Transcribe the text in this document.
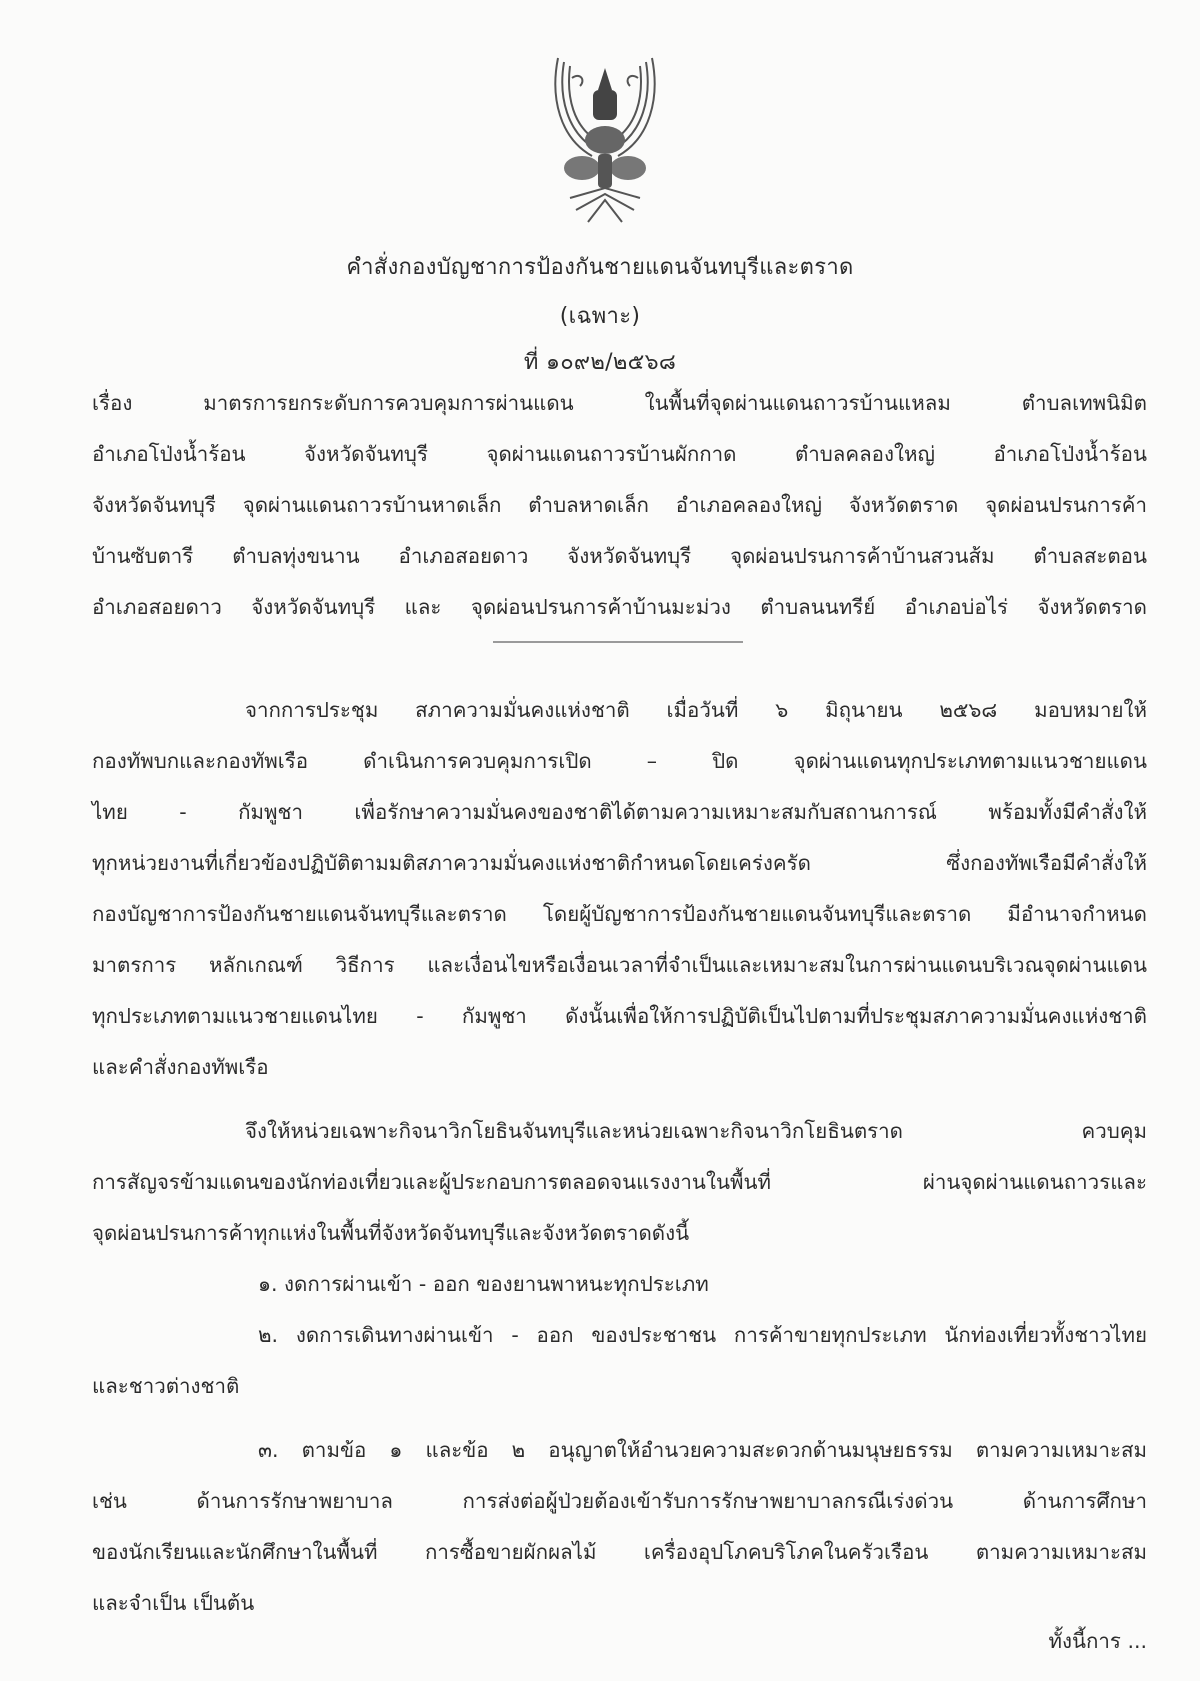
คำสั่งกองบัญชาการป้องกันชายแดนจันทบุรีและตราด
(เฉพาะ)
ที่ ๑๐๙๒/๒๕๖๘
เรื่อง มาตรการยกระดับการควบคุมการผ่านแดน ในพื้นที่จุดผ่านแดนถาวรบ้านแหลม ตำบลเทพนิมิต
อำเภอโป่งน้ำร้อน จังหวัดจันทบุรี จุดผ่านแดนถาวรบ้านผักกาด ตำบลคลองใหญ่ อำเภอโป่งน้ำร้อน
จังหวัดจันทบุรี จุดผ่านแดนถาวรบ้านหาดเล็ก ตำบลหาดเล็ก อำเภอคลองใหญ่ จังหวัดตราด จุดผ่อนปรนการค้า
บ้านซับตารี ตำบลทุ่งขนาน อำเภอสอยดาว จังหวัดจันทบุรี จุดผ่อนปรนการค้าบ้านสวนส้ม ตำบลสะตอน
อำเภอสอยดาว จังหวัดจันทบุรี และ จุดผ่อนปรนการค้าบ้านมะม่วง ตำบลนนทรีย์ อำเภอบ่อไร่ จังหวัดตราด
จากการประชุม สภาความมั่นคงแห่งชาติ เมื่อวันที่ ๖ มิถุนายน ๒๕๖๘ มอบหมายให้
กองทัพบกและกองทัพเรือ ดำเนินการควบคุมการเปิด – ปิด จุดผ่านแดนทุกประเภทตามแนวชายแดน
ไทย - กัมพูชา เพื่อรักษาความมั่นคงของชาติได้ตามความเหมาะสมกับสถานการณ์ พร้อมทั้งมีคำสั่งให้
ทุกหน่วยงานที่เกี่ยวข้องปฏิบัติตามมติสภาความมั่นคงแห่งชาติกำหนดโดยเคร่งครัด ซึ่งกองทัพเรือมีคำสั่งให้
กองบัญชาการป้องกันชายแดนจันทบุรีและตราด โดยผู้บัญชาการป้องกันชายแดนจันทบุรีและตราด มีอำนาจกำหนด
มาตรการ หลักเกณฑ์ วิธีการ และเงื่อนไขหรือเงื่อนเวลาที่จำเป็นและเหมาะสมในการผ่านแดนบริเวณจุดผ่านแดน
ทุกประเภทตามแนวชายแดนไทย - กัมพูชา ดังนั้นเพื่อให้การปฏิบัติเป็นไปตามที่ประชุมสภาความมั่นคงแห่งชาติ
และคำสั่งกองทัพเรือ
จึงให้หน่วยเฉพาะกิจนาวิกโยธินจันทบุรีและหน่วยเฉพาะกิจนาวิกโยธินตราด ควบคุม
การสัญจรข้ามแดนของนักท่องเที่ยวและผู้ประกอบการตลอดจนแรงงานในพื้นที่ ผ่านจุดผ่านแดนถาวรและ
จุดผ่อนปรนการค้าทุกแห่งในพื้นที่จังหวัดจันทบุรีและจังหวัดตราดดังนี้
๑. งดการผ่านเข้า - ออก ของยานพาหนะทุกประเภท
๒. งดการเดินทางผ่านเข้า - ออก ของประชาชน การค้าขายทุกประเภท นักท่องเที่ยวทั้งชาวไทย
และชาวต่างชาติ
๓. ตามข้อ ๑ และข้อ ๒ อนุญาตให้อำนวยความสะดวกด้านมนุษยธรรม ตามความเหมาะสม
เช่น ด้านการรักษาพยาบาล การส่งต่อผู้ป่วยต้องเข้ารับการรักษาพยาบาลกรณีเร่งด่วน ด้านการศึกษา
ของนักเรียนและนักศึกษาในพื้นที่ การซื้อขายผักผลไม้ เครื่องอุปโภคบริโภคในครัวเรือน ตามความเหมาะสม
และจำเป็น เป็นต้น
ทั้งนี้การ ...
